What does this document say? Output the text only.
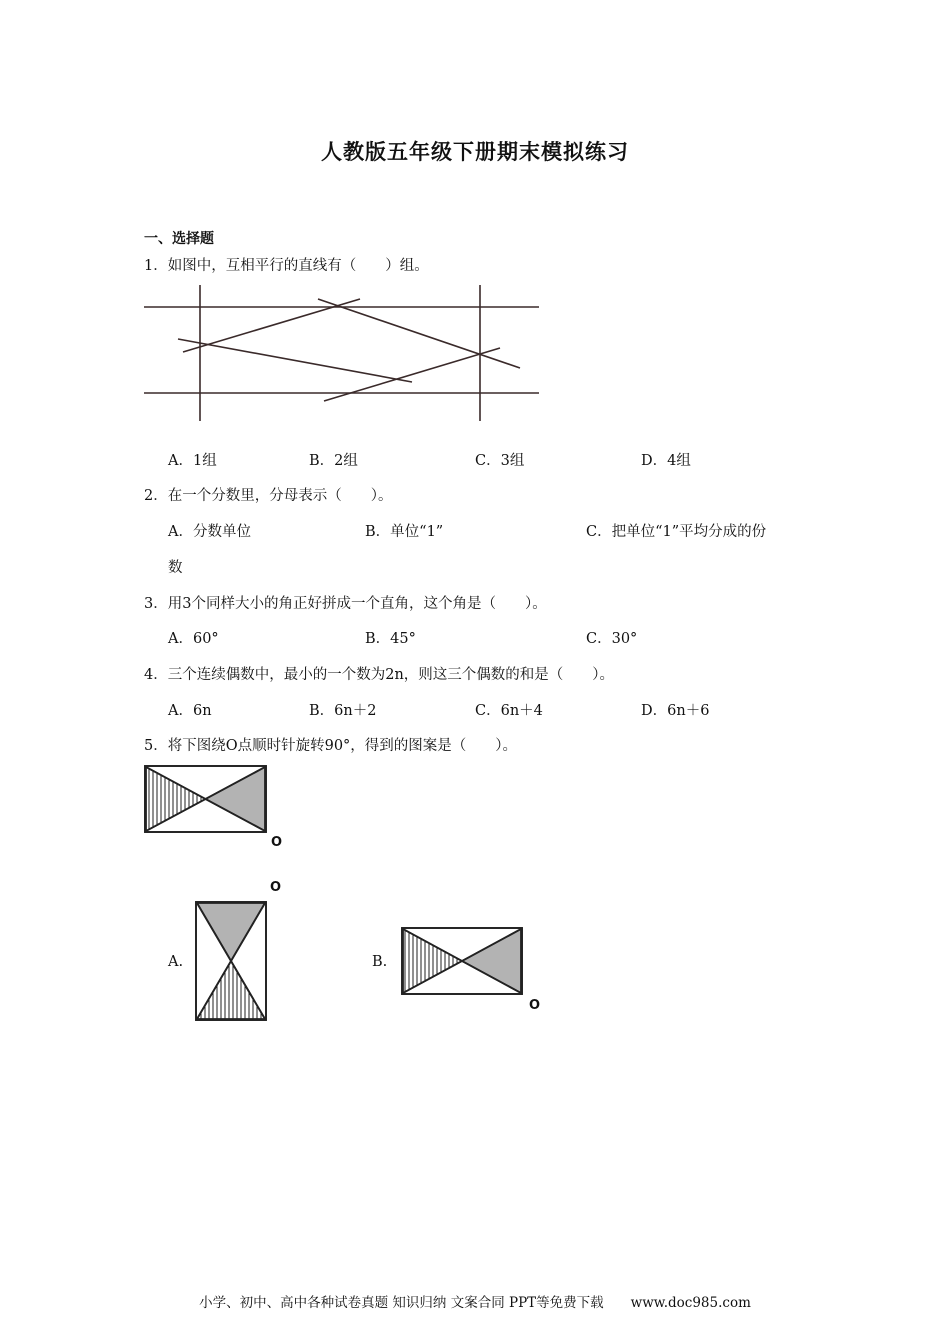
人教版五年级下册期末模拟练习
一、选择题
1．如图中，互相平行的直线有（　　）组。
A．1组	B．2组	C．3组	D．4组
2．在一个分数里，分母表示（　　）。
A．分数单位	B．单位“1”	C．把单位“1”平均分成的份
数
3．用3个同样大小的角正好拼成一个直角，这个角是（　　）。
A．60°	B．45°	C．30°
4．三个连续偶数中，最小的一个数为2n，则这三个偶数的和是（　　）。
A．6n	B．6n＋2	C．6n＋4	D．6n＋6
5．将下图绕O点顺时针旋转90°，得到的图案是（　　）。
O
O
O
A.	B.
小学、初中、高中各种试卷真题 知识归纳 文案合同 PPT等免费下载　　www.doc985.com
